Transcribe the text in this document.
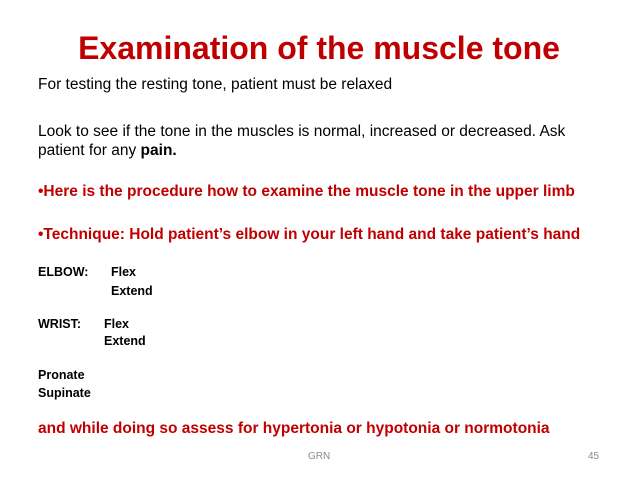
Examination of the muscle tone
For testing the resting tone, patient must be relaxed
Look to see if the tone in the muscles is normal, increased or decreased. Ask
patient for any pain.
•Here is the procedure how to examine the muscle tone in the upper limb
•Technique: Hold patient’s elbow in your left hand and take patient’s hand
ELBOW: Flex
Extend
WRIST: Flex
Extend
Pronate
Supinate
and while doing so assess for hypertonia or hypotonia or normotonia
GRN	45
